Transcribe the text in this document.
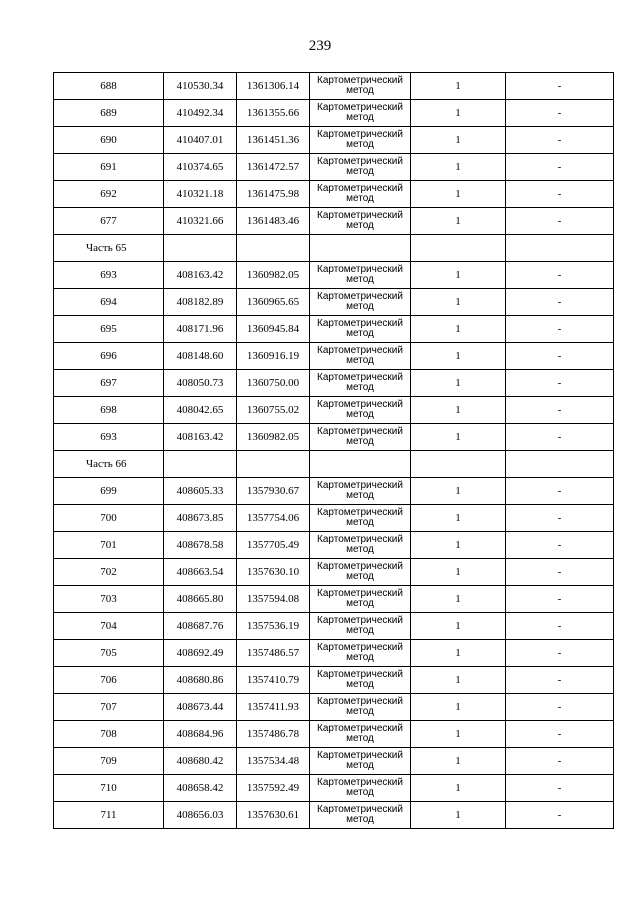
239
688	410530.34	1361306.14	Картометрический метод	1	-
689	410492.34	1361355.66	Картометрический метод	1	-
690	410407.01	1361451.36	Картометрический метод	1	-
691	410374.65	1361472.57	Картометрический метод	1	-
692	410321.18	1361475.98	Картометрический метод	1	-
677	410321.66	1361483.46	Картометрический метод	1	-
Часть 65					
693	408163.42	1360982.05	Картометрический метод	1	-
694	408182.89	1360965.65	Картометрический метод	1	-
695	408171.96	1360945.84	Картометрический метод	1	-
696	408148.60	1360916.19	Картометрический метод	1	-
697	408050.73	1360750.00	Картометрический метод	1	-
698	408042.65	1360755.02	Картометрический метод	1	-
693	408163.42	1360982.05	Картометрический метод	1	-
Часть 66					
699	408605.33	1357930.67	Картометрический метод	1	-
700	408673.85	1357754.06	Картометрический метод	1	-
701	408678.58	1357705.49	Картометрический метод	1	-
702	408663.54	1357630.10	Картометрический метод	1	-
703	408665.80	1357594.08	Картометрический метод	1	-
704	408687.76	1357536.19	Картометрический метод	1	-
705	408692.49	1357486.57	Картометрический метод	1	-
706	408680.86	1357410.79	Картометрический метод	1	-
707	408673.44	1357411.93	Картометрический метод	1	-
708	408684.96	1357486.78	Картометрический метод	1	-
709	408680.42	1357534.48	Картометрический метод	1	-
710	408658.42	1357592.49	Картометрический метод	1	-
711	408656.03	1357630.61	Картометрический метод	1	-
